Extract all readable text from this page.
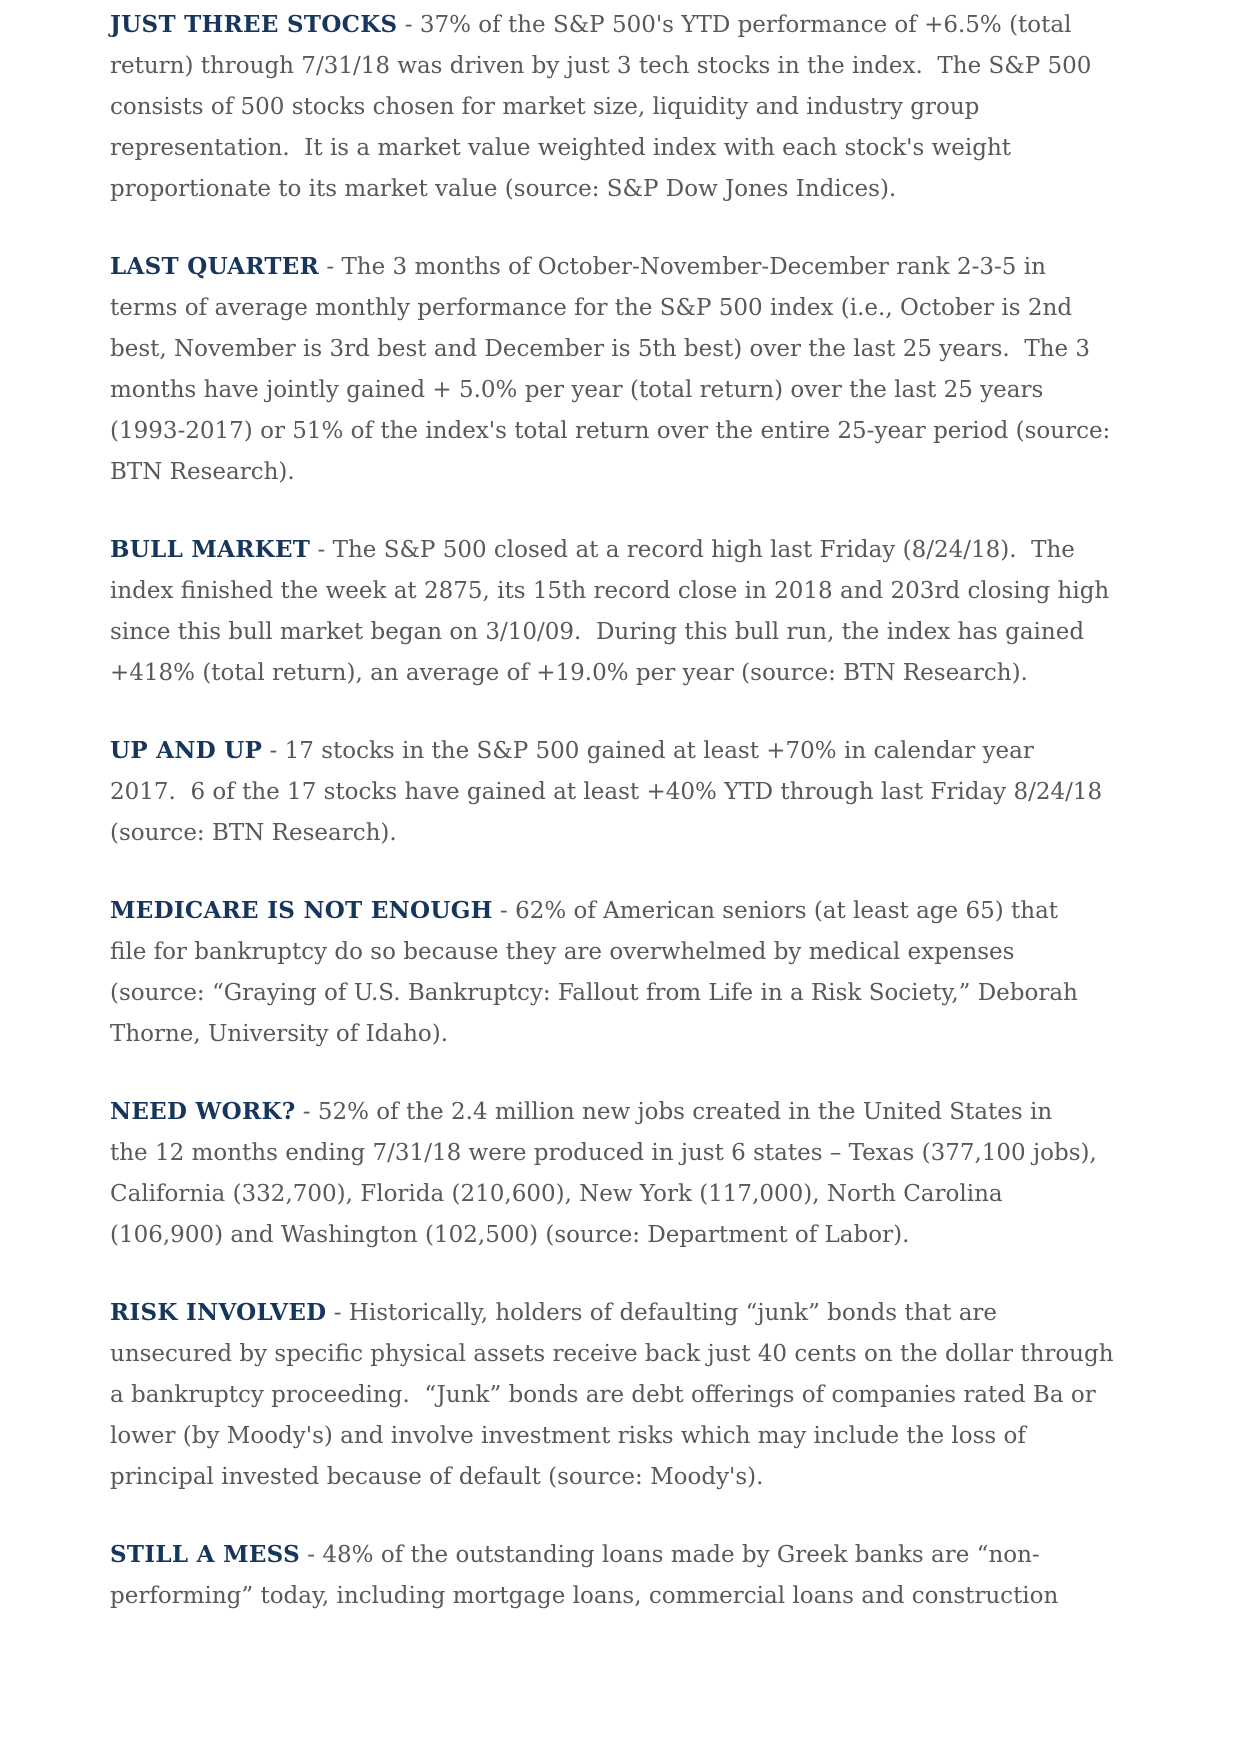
JUST THREE STOCKS - 37% of the S&P 500's YTD performance of +6.5% (total
return) through 7/31/18 was driven by just 3 tech stocks in the index.  The S&P 500
consists of 500 stocks chosen for market size, liquidity and industry group
representation.  It is a market value weighted index with each stock's weight
proportionate to its market value (source: S&P Dow Jones Indices).
LAST QUARTER - The 3 months of October-November-December rank 2-3-5 in
terms of average monthly performance for the S&P 500 index (i.e., October is 2nd
best, November is 3rd best and December is 5th best) over the last 25 years.  The 3
months have jointly gained + 5.0% per year (total return) over the last 25 years
(1993-2017) or 51% of the index's total return over the entire 25-year period (source:
BTN Research).
BULL MARKET - The S&P 500 closed at a record high last Friday (8/24/18).  The
index finished the week at 2875, its 15th record close in 2018 and 203rd closing high
since this bull market began on 3/10/09.  During this bull run, the index has gained
+418% (total return), an average of +19.0% per year (source: BTN Research).
UP AND UP - 17 stocks in the S&P 500 gained at least +70% in calendar year
2017.  6 of the 17 stocks have gained at least +40% YTD through last Friday 8/24/18
(source: BTN Research).
MEDICARE IS NOT ENOUGH - 62% of American seniors (at least age 65) that
file for bankruptcy do so because they are overwhelmed by medical expenses
(source: “Graying of U.S. Bankruptcy: Fallout from Life in a Risk Society,” Deborah
Thorne, University of Idaho).
NEED WORK? - 52% of the 2.4 million new jobs created in the United States in
the 12 months ending 7/31/18 were produced in just 6 states – Texas (377,100 jobs),
California (332,700), Florida (210,600), New York (117,000), North Carolina
(106,900) and Washington (102,500) (source: Department of Labor).
RISK INVOLVED - Historically, holders of defaulting “junk” bonds that are
unsecured by specific physical assets receive back just 40 cents on the dollar through
a bankruptcy proceeding.  “Junk” bonds are debt offerings of companies rated Ba or
lower (by Moody's) and involve investment risks which may include the loss of
principal invested because of default (source: Moody's).
STILL A MESS - 48% of the outstanding loans made by Greek banks are “non-
performing” today, including mortgage loans, commercial loans and construction
